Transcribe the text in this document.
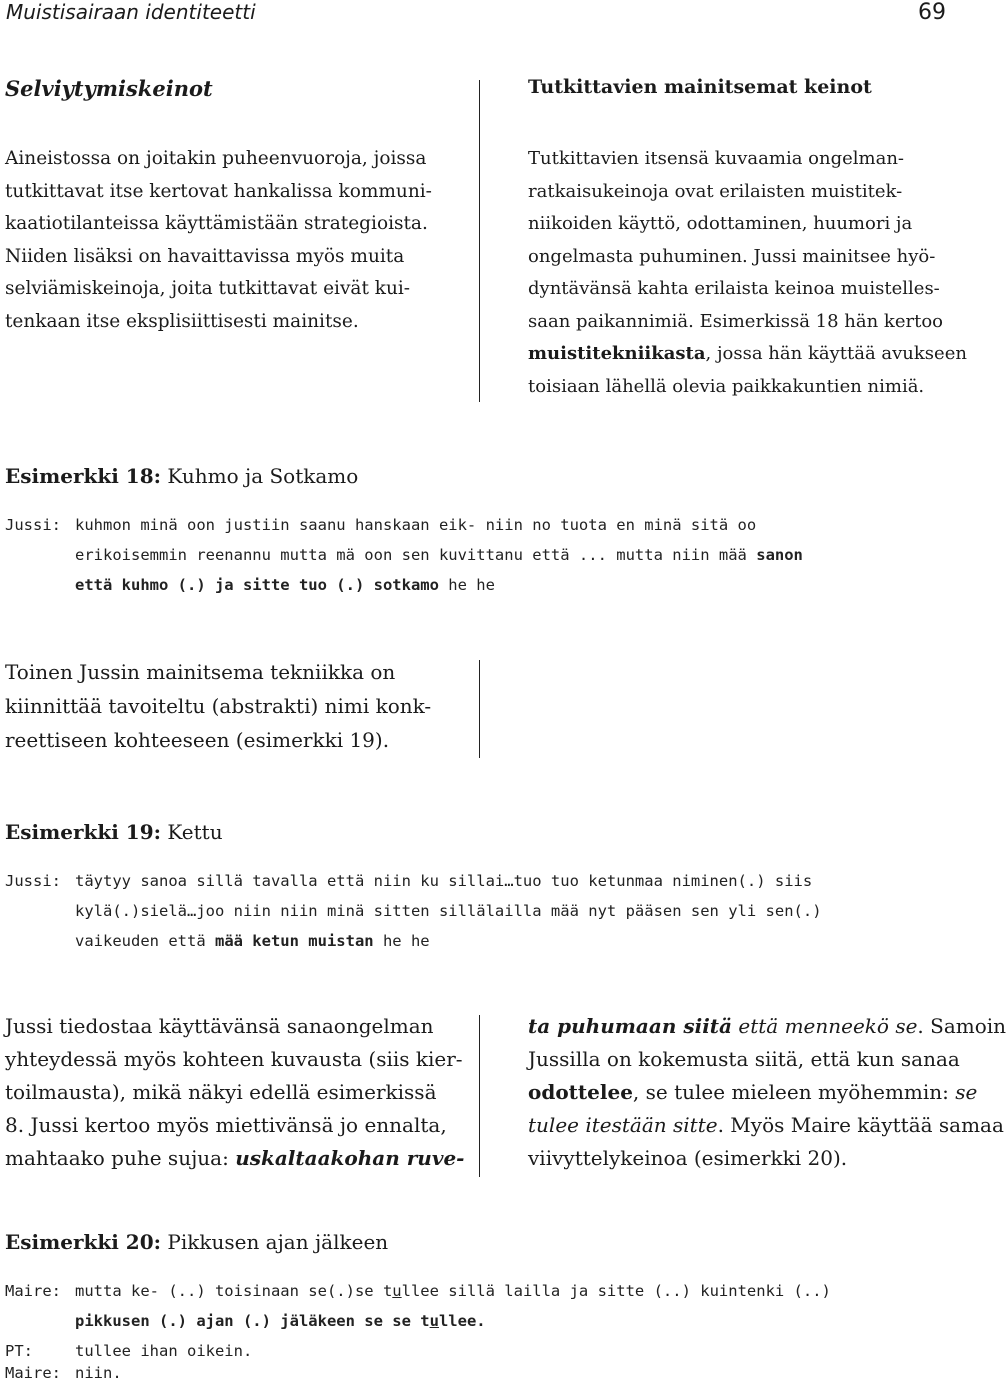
Muistisairaan identiteetti	69
Selviytymiskeinot
Aineistossa on joitakin puheenvuoroja, joissa
tutkittavat itse kertovat hankalissa kommuni-
kaatiotilanteissa käyttämistään strategioista.
Niiden lisäksi on havaittavissa myös muita
selviämiskeinoja, joita tutkittavat eivät kui-
tenkaan itse eksplisiittisesti mainitse.
Tutkittavien mainitsemat keinot
Tutkittavien itsensä kuvaamia ongelman-
ratkaisukeinoja ovat erilaisten muistitek-
niikoiden käyttö, odottaminen, huumori ja
ongelmasta puhuminen. Jussi mainitsee hyö-
dyntävänsä kahta erilaista keinoa muistelles-
saan paikannimiä. Esimerkissä 18 hän kertoo
muistitekniikasta, jossa hän käyttää avukseen
toisiaan lähellä olevia paikkakuntien nimiä.
Esimerkki 18: Kuhmo ja Sotkamo

Jussi: kuhmon minä oon justiin saanu hanskaan eik- niin no tuota en minä sitä oo

erikoisemmin reenannu mutta mä oon sen kuvittanu että ... mutta niin mää sanon

että kuhmo (.) ja sitte tuo (.) sotkamo he he

Toinen Jussin mainitsema tekniikka on
kiinnittää tavoiteltu (abstrakti) nimi konk-
reettiseen kohteeseen (esimerkki 19).
Esimerkki 19: Kettu

Jussi: täytyy sanoa sillä tavalla että niin ku sillai…tuo tuo ketunmaa niminen(.) siis

kylä(.)sielä…joo niin niin minä sitten sillälailla mää nyt pääsen sen yli sen(.)

vaikeuden että mää ketun muistan he he

Jussi tiedostaa käyttävänsä sanaongelman
yhteydessä myös kohteen kuvausta (siis kier-
toilmausta), mikä näkyi edellä esimerkissä
8. Jussi kertoo myös miettivänsä jo ennalta,
mahtaako puhe sujua: uskaltaakohan ruve-
ta puhumaan siitä että menneekö se. Samoin
Jussilla on kokemusta siitä, että kun sanaa
odottelee, se tulee mieleen myöhemmin: se
tulee itestään sitte. Myös Maire käyttää samaa
viivyttelykeinoa (esimerkki 20).
Esimerkki 20: Pikkusen ajan jälkeen

Maire: mutta ke- (..) toisinaan se(.)se tullee sillä lailla ja sitte (..) kuintenki (..)

pikkusen (.) ajan (.) jäläkeen se se tullee.

PT:	tullee ihan oikein.

Maire: niin.
